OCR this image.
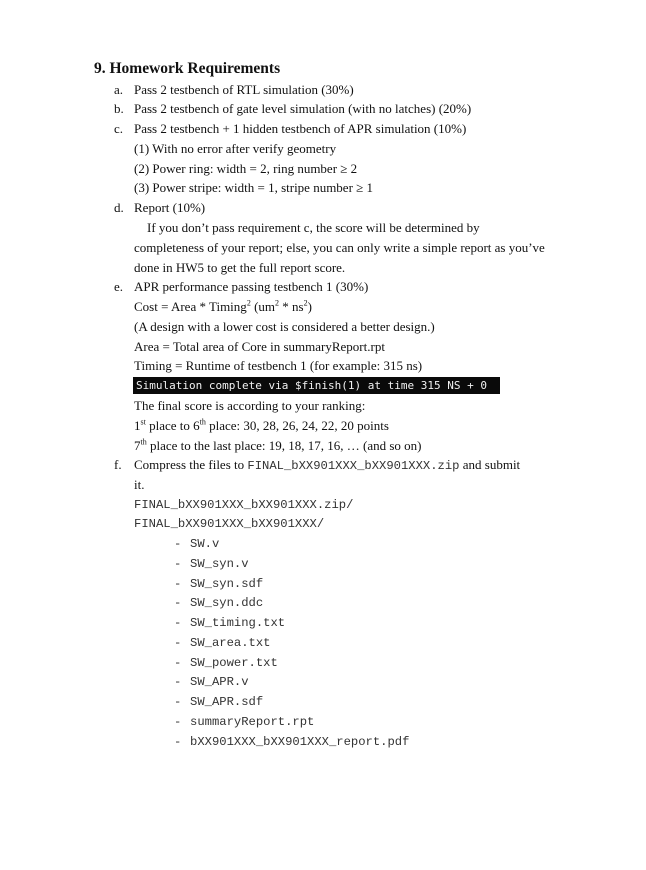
9. Homework Requirements
a. Pass 2 testbench of RTL simulation (30%)
b. Pass 2 testbench of gate level simulation (with no latches) (20%)
c. Pass 2 testbench + 1 hidden testbench of APR simulation (10%)
(1) With no error after verify geometry
(2) Power ring: width = 2, ring number ≥ 2
(3) Power stripe: width = 1, stripe number ≥ 1
d. Report (10%)
If you don’t pass requirement c, the score will be determined by
completeness of your report; else, you can only write a simple report as you’ve
done in HW5 to get the full report score.
e. APR performance passing testbench 1 (30%)
Cost = Area * Timing$^2$ $(um^2 * ns^2)$
(A design with a lower cost is considered a better design.)
Area = Total area of Core in summaryReport.rpt
Timing = Runtime of testbench 1 (for example: 315 ns)
Simulation complete via $finish(1) at time 315 NS + 0
The final score is according to your ranking:
1st place to 6th place: 30, 28, 26, 24, 22, 20 points
7th place to the last place: 19, 18, 17, 16, … (and so on)
f. Compress the files to FINAL_bXX901XXX_bXX901XXX.zip and submit
it.
FINAL_bXX901XXX_bXX901XXX.zip/
FINAL_bXX901XXX_bXX901XXX/
- SW.v
- SW_syn.v
- SW_syn.sdf
- SW_syn.ddc
- SW_timing.txt
- SW_area.txt
- SW_power.txt
- SW_APR.v
- SW_APR.sdf
- summaryReport.rpt
- bXX901XXX_bXX901XXX_report.pdf
